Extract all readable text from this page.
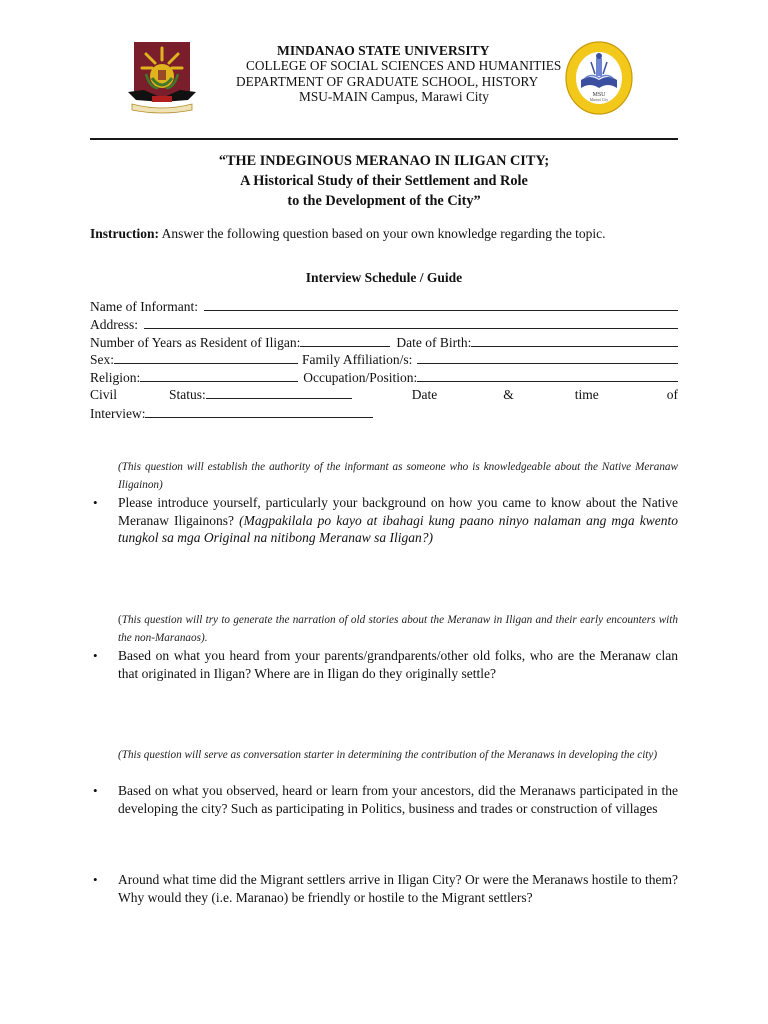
MINDANAO STATE UNIVERSITY
COLLEGE OF SOCIAL SCIENCES AND HUMANITIES
DEPARTMENT OF GRADUATE SCHOOL, HISTORY
MSU-MAIN Campus, Marawi City	MSU
Marawi City
“THE INDEGINOUS MERANAO IN ILIGAN CITY;
A Historical Study of their Settlement and Role
to the Development of the City”
Instruction: Answer the following question based on your own knowledge regarding the topic.
Interview Schedule / Guide
Name of Informant:
Address:
Number of Years as Resident of Iligan:	Date of Birth:
Sex:	Family Affiliation/s:
Religion:	Occupation/Position:
Civil	Status:	Date	&	time	of
Interview:
(This question will establish the authority of the informant as someone who is knowledgeable about the Native Meranaw Iligainon)
• Please introduce yourself, particularly your background on how you came to know about the Native Meranaw Iligainons? (Magpakilala po kayo at ibahagi kung paano ninyo nalaman ang mga kwento tungkol sa mga Original na nitibong Meranaw sa Iligan?)
(This question will try to generate the narration of old stories about the Meranaw in Iligan and their early encounters with the non-Maranaos).
• Based on what you heard from your parents/grandparents/other old folks, who are the Meranaw clan that originated in Iligan? Where are in Iligan do they originally settle?
(This question will serve as conversation starter in determining the contribution of the Meranaws in developing the city)
• Based on what you observed, heard or learn from your ancestors, did the Meranaws participated in the developing the city? Such as participating in Politics, business and trades or construction of villages
• Around what time did the Migrant settlers arrive in Iligan City? Or were the Meranaws hostile to them? Why would they (i.e. Maranao) be friendly or hostile to the Migrant settlers?
